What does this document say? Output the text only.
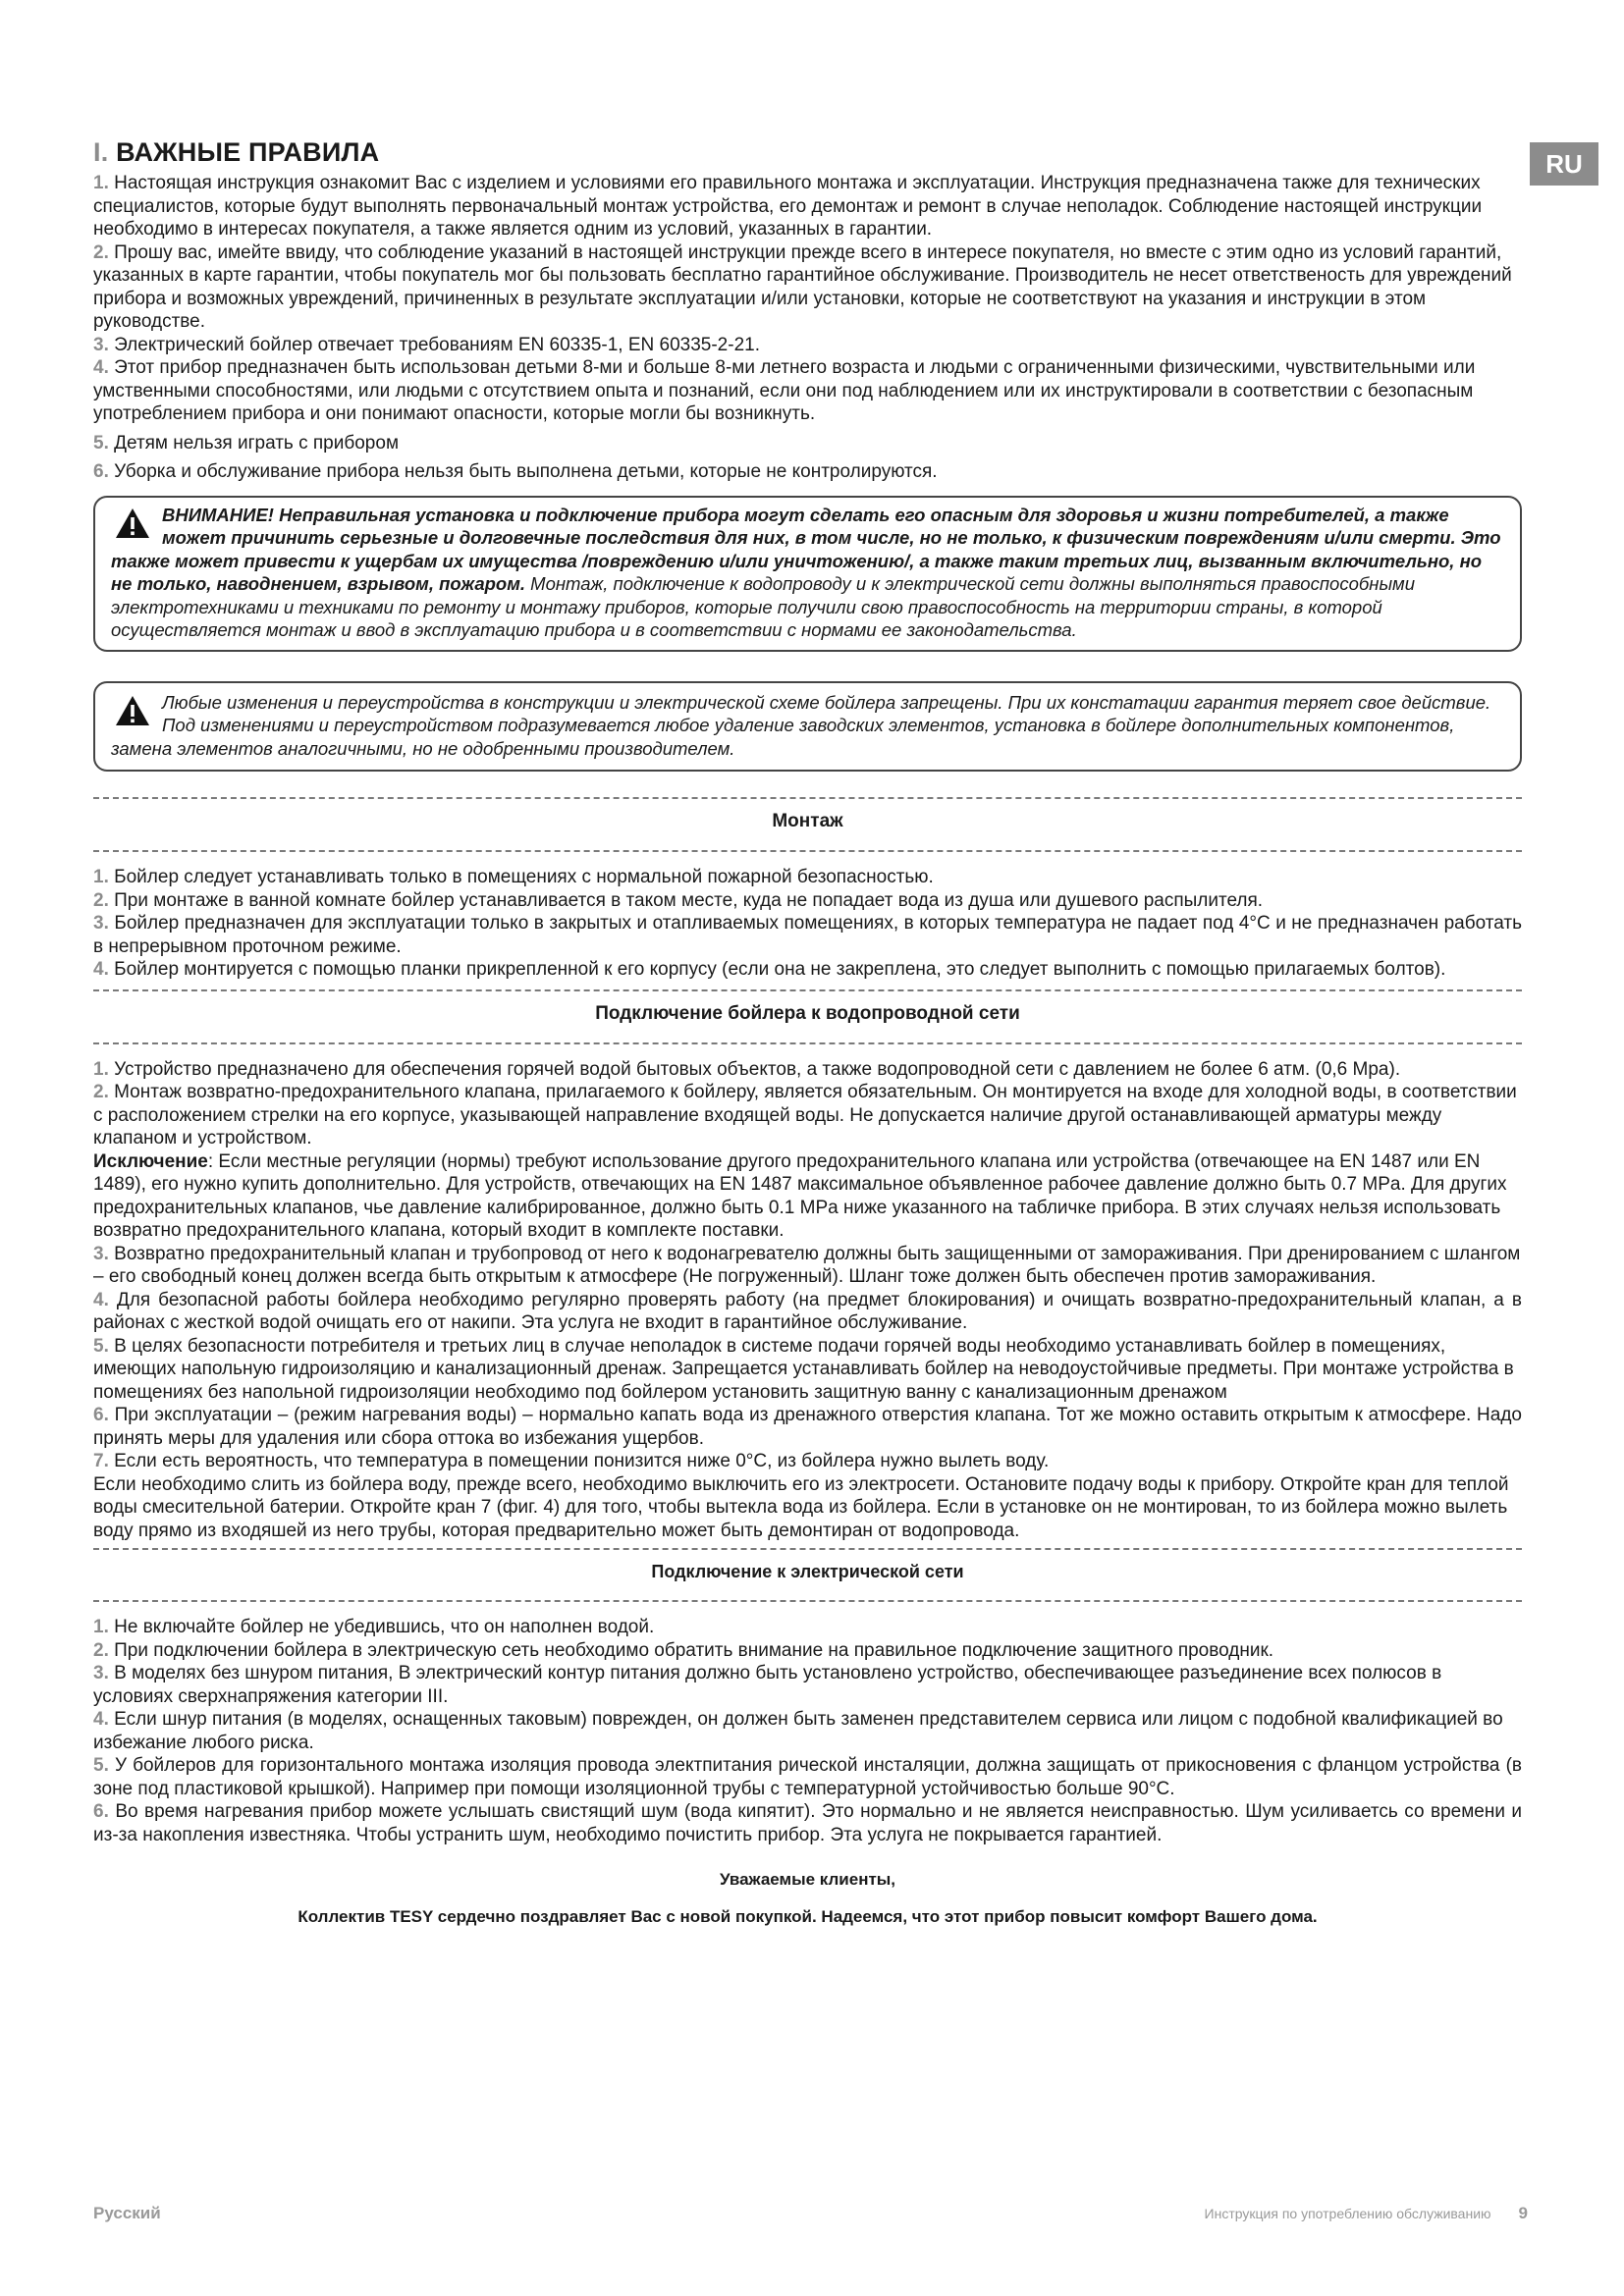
RU
I. ВАЖНЫЕ ПРАВИЛА

1. Настоящая инструкция ознакомит Вас с изделием и условиями его правильного монтажа и эксплуатации. Инструкция предназначена также для технических специалистов, которые будут выполнять первоначальный монтаж устройства, его демонтаж и ремонт в случае неполадок. Соблюдение настоящей инструкции необходимо в интересах покупателя, а также является одним из условий, указанных в гарантии.

2. Прошу вас, имейте ввиду, что соблюдение указаний в настоящей инструкции прежде всего в интересе покупателя, но вместе с этим одно из условий гарантий, указанных в карте гарантии, чтобы покупатель мог бы пользовать бесплатно гарантийное обслуживание. Производитель не несет ответственость для увреждений прибора и возможных увреждений, причиненных в результате эксплуатации и/или установки, которые не соответствуют на указания и инструкции в этом руководстве.

3. Электрический бойлер отвечает требованиям EN 60335-1, EN 60335-2-21.

4. Этот прибор предназначен быть использован детьми 8-ми и больше 8-ми летнего возраста и людьми с ограниченными физическими, чувствительными или умственными способностями, или людьми с отсутствием опыта и познаний, если они под наблюдением или их инструктировали в соответствии с безопасным употреблением прибора и они понимают опасности, которые могли бы возникнуть.

5. Детям нельзя играть с прибором

6. Уборка и обслуживание прибора нельзя быть выполнена детьми, которые не контролируются.

ВНИМАНИЕ! Неправильная установка и подключение прибора могут сделать его опасным для здоровья и жизни потребителей, а также может причинить серьезные и долговечные последствия для них, в том числе, но не только, к физическим повреждениям и/или смерти. Это также может привести к ущербам их имущества /повреждению и/или уничтожению/, а также таким третьих лиц, вызванным включительно, но не только, наводнением, взрывом, пожаром. Монтаж, подключение к водопроводу и к электрической сети должны выполняться правоспособными электротехниками и техниками по ремонту и монтажу приборов, которые получили свою правоспособность на территории страны, в которой осуществляется монтаж и ввод в эксплуатацию прибора и в соответствии с нормами ее законодательства.
Любые изменения и переустройства в конструкции и электрической схеме бойлера запрещены. При их констатации гарантия теряет свое действие. Под изменениями и переустройством подразумевается любое удаление заводских элементов, установка в бойлере дополнительных компонентов, замена элементов аналогичными, но не одобренными производителем.
Монтаж

1. Бойлер следует устанавливать только в помещениях с нормальной пожарной безопасностью.

2. При монтаже в ванной комнате бойлер устанавливается в таком месте, куда не попадает вода из душа или душевого распылителя.

3. Бойлер предназначен для эксплуатации только в закрытых и отапливаемых помещениях, в которых температура не падает под 4°С и не предназначен работать в непрерывном проточном режиме.

4. Бойлер монтируется с помощью планки прикрепленной к его корпусу (если она не закреплена, это следует выполнить с помощью прилагаемых болтов).

Подключение бойлера к водопроводной сети

1. Устройство предназначено для обеспечения горячей водой бытовых объектов, а также водопроводной сети с давлением не более 6 атм. (0,6 Mpa).

2. Монтаж возвратно-предохранительного клапана, прилагаемого к бойлеру, является обязательным. Он монтируется на входе для холодной воды, в соответствии с расположением стрелки на его корпусе, указывающей направление входящей воды. Не допускается наличие другой останавливающей арматуры между клапаном и устройством.

Исключение: Если местные регуляции (нормы) требуют использование другого предохранительного клапана или устройства (отвечающее на EN 1487 или EN 1489), его нужно купить дополнительно. Для устройств, отвечающих на EN 1487 максимальное объявленное рабочее давление должно быть 0.7 MPa. Для других предохранительных клапанов, чье давление калибрированное, должно быть 0.1 MPa ниже указанного на табличке прибора. В этих случаях нельзя использовать возвратно предохранительного клапана, который входит в комплекте поставки.

3. Возвратно предохранительный клапан и трубопровод от него к водонагревателю должны быть защищенными от замораживания. При дренированием с шлангом – его свободный конец должен всегда быть открытым к атмосфере (Не погруженный). Шланг тоже должен быть обеспечен против замораживания.

4. Для безопасной работы бойлера необходимо регулярно проверять работу (на предмет блокирования) и очищать возвратно-предохранительный клапан, а в районах с жесткой водой очищать его от накипи. Эта услуга не входит в гарантийное обслуживание.

5. В целях безопасности потребителя и третьих лиц в случае неполадок в системе подачи горячей воды необходимо устанавливать бойлер в помещениях, имеющих напольную гидроизоляцию и канализационный дренаж. Запрещается устанавливать бойлер на неводоустойчивые предметы. При монтаже устройства в помещениях без напольной гидроизоляции необходимо под бойлером установить защитную ванну с канализационным дренажом

6. При эксплуатации – (режим нагревания воды) – нормально капать вода из дренажного отверстия клапана. Тот же можно оставить открытым к атмосфере. Надо принять меры для удаления или сбора оттока во избежания ущербов.

7. Если есть вероятность, что температура в помещении понизится ниже 0°С, из бойлера нужно вылеть воду.

Если необходимо слить из бойлера воду, прежде всего, необходимо выключить его из электросети. Остановите подачу воды к прибору. Откройте кран для теплой воды смесительной батерии. Откройте кран 7 (фиг. 4) для того, чтобы вытекла вода из бойлера. Если в установке он не монтирован, то из бойлера можно вылеть воду прямо из входяшей из него трубы, которая предварительно может быть демонтиран от водопровода.

Подключение к электрической сети

1. Не включайте бойлер не убедившись, что он наполнен водой.

2. При подключении бойлера в электрическую сеть необходимо обратить внимание на правильное подключение защитного проводник.

3. В моделях без шнуром питания, В электрический контур питания должно быть установлено устройство, обеспечивающее разъединение всех полюсов в условиях сверхнапряжения категории III.

4. Если шнур питания (в моделях, оснащенных таковым) поврежден, он должен быть заменен представителем сервиса или лицом с подобной квалификацией во избежание любого риска.

5. У бойлеров для горизонтального монтажа изоляция провода электпитания рической инсталяции, должна защищать от прикосновения с фланцом устройства (в зоне под пластиковой крышкой). Например при помощи изоляционной трубы с температурной устойчивостью больше 90°С.

6. Во время нагревания прибор можете услышать свистящий шум (вода кипятит). Это нормально и не является неисправностью. Шум усиливаетсь со времени и из-за накопления известняка. Чтобы устранить шум, необходимо почистить прибор. Эта услуга не покрывается гарантией.

Уважаемые клиенты,
Коллектив TESY сердечно поздравляет Вас с новой покупкой. Надеемся, что этот прибор повысит комфорт Вашего дома.
Русский	Инструкция по употреблению обслуживанию 9
